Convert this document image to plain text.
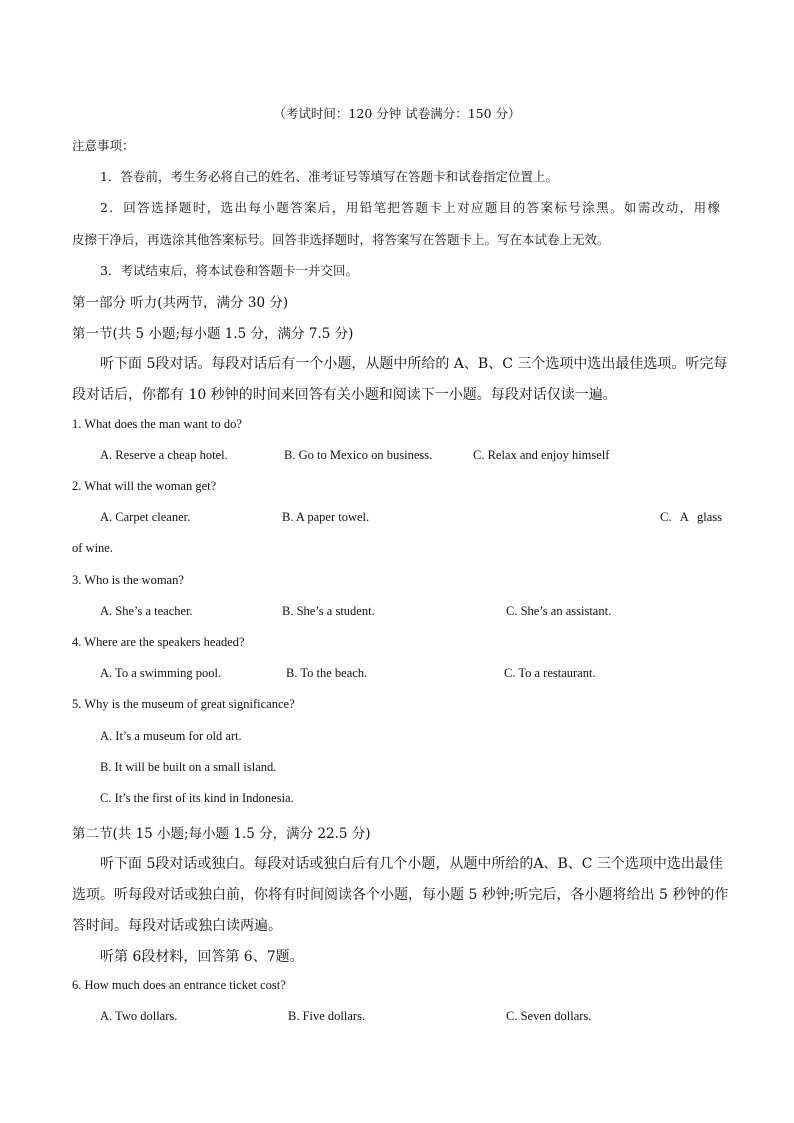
（考试时间：120 分钟 试卷满分：150 分）
注意事项：
1．答卷前，考生务必将自己的姓名、准考证号等填写在答题卡和试卷指定位置上。
2．回答选择题时，选出每小题答案后，用铅笔把答题卡上对应题目的答案标号涂黑。如需改动，用橡
皮擦干净后，再选涂其他答案标号。回答非选择题时，将答案写在答题卡上。写在本试卷上无效。
3．考试结束后，将本试卷和答题卡一并交回。
第一部分 听力(共两节，满分 30 分)
第一节(共 5 小题;每小题 1.5 分，满分 7.5 分)
听下面 5段对话。每段对话后有一个小题，从题中所给的 A、B、C 三个选项中选出最佳选项。听完每
段对话后，你都有 10 秒钟的时间来回答有关小题和阅读下一小题。每段对话仅读一遍。
1. What does the man want to do?
A. Reserve a cheap hotel.	B. Go to Mexico on business.	C. Relax and enjoy himself
2. What will the woman get?
A. Carpet cleaner.	B. A paper towel.	C. A glass
of wine.
3. Who is the woman?
A. She’s a teacher.	B. She’s a student.	C. She’s an assistant.
4. Where are the speakers headed?
A. To a swimming pool.	B. To the beach.	C. To a restaurant.
5. Why is the museum of great significance?
A. It’s a museum for old art.
B. It will be built on a small island.
C. It’s the first of its kind in Indonesia.
第二节(共 15 小题;每小题 1.5 分，满分 22.5 分)
听下面 5段对话或独白。每段对话或独白后有几个小题，从题中所给的A、B、C 三个选项中选出最佳
选项。听每段对话或独白前，你将有时间阅读各个小题，每小题 5 秒钟;听完后，各小题将给出 5 秒钟的作
答时间。每段对话或独白读两遍。
听第 6段材料，回答第 6、7题。
6. How much does an entrance ticket cost?
A. Two dollars.	B. Five dollars.	C. Seven dollars.
